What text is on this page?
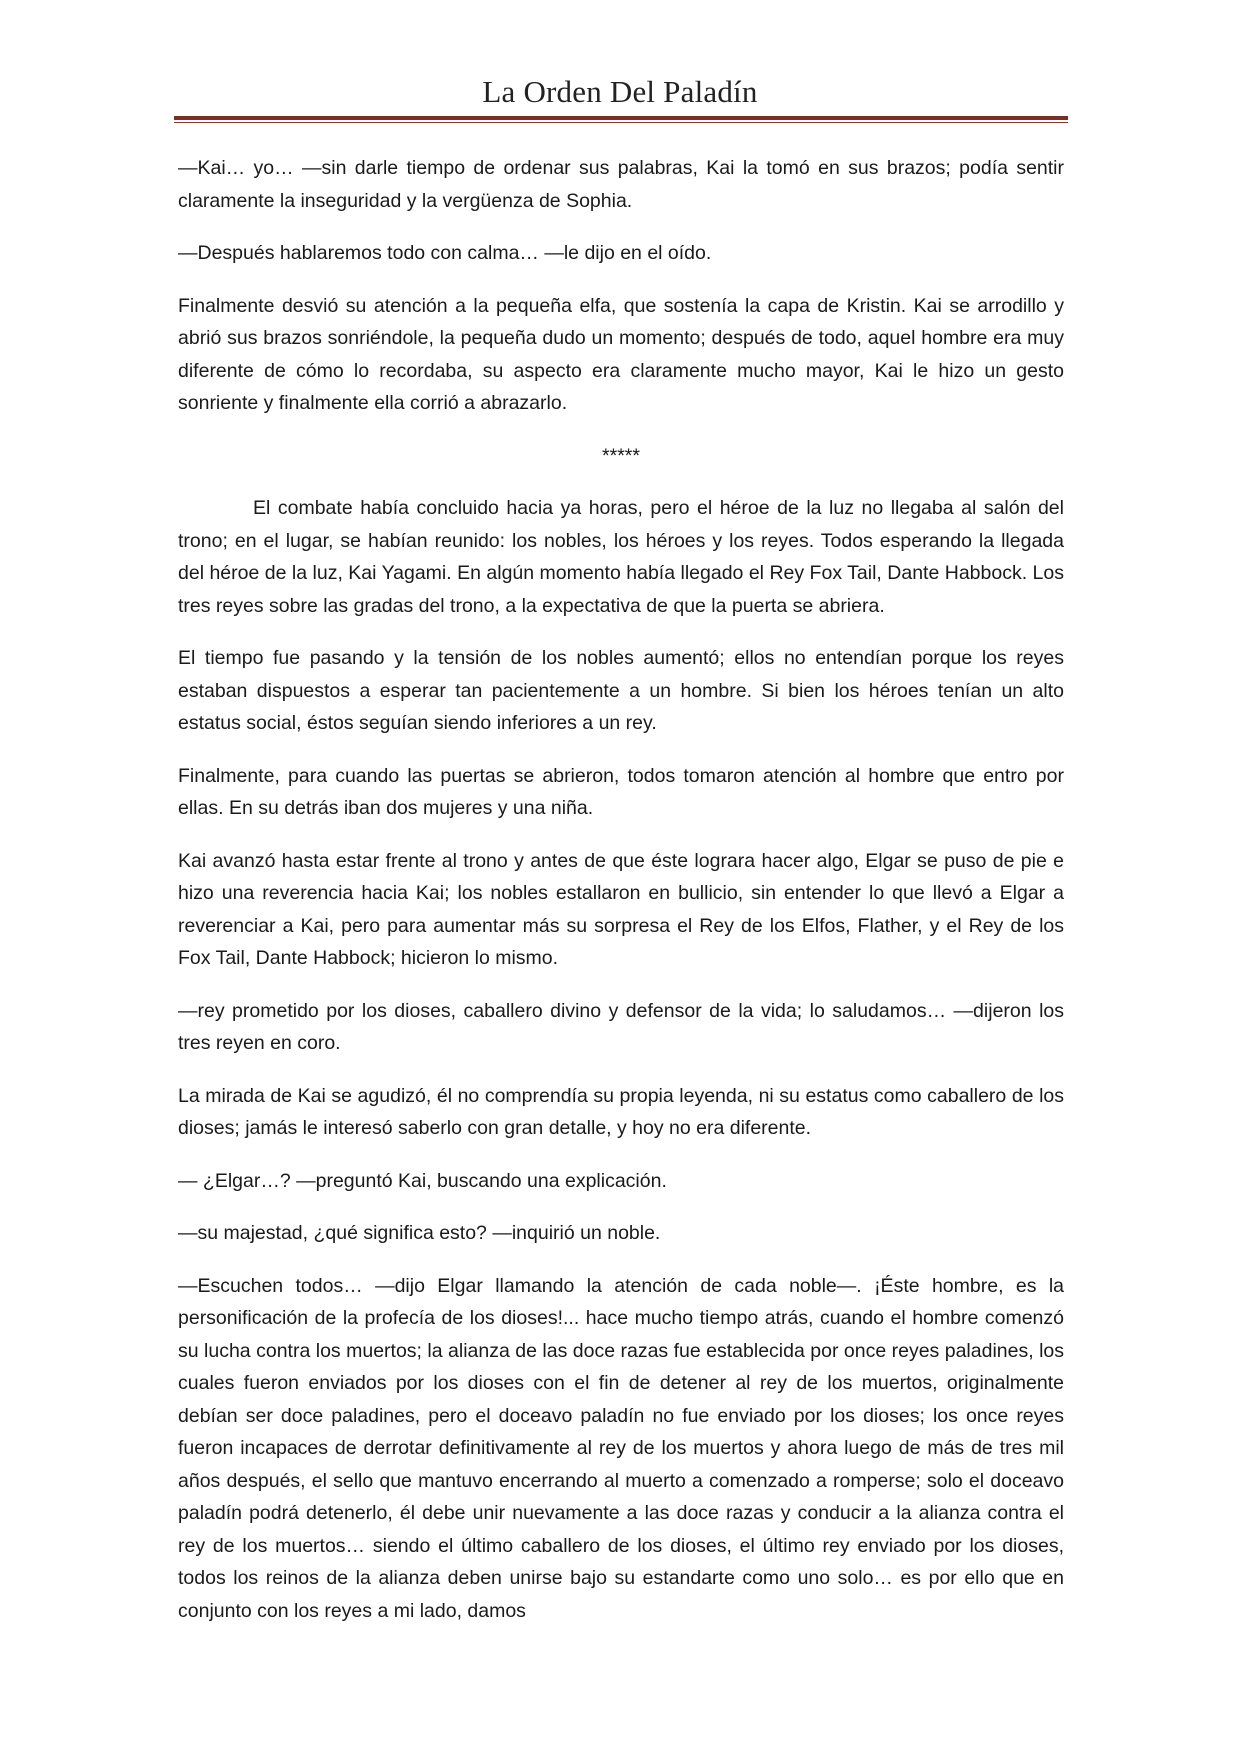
La Orden Del Paladín

—Kai… yo… —sin darle tiempo de ordenar sus palabras, Kai la tomó en sus brazos; podía sentir claramente la inseguridad y la vergüenza de Sophia.

—Después hablaremos todo con calma… —le dijo en el oído.

Finalmente desvió su atención a la pequeña elfa, que sostenía la capa de Kristin. Kai se arrodillo y abrió sus brazos sonriéndole, la pequeña dudo un momento; después de todo, aquel hombre era muy diferente de cómo lo recordaba, su aspecto era claramente mucho mayor, Kai le hizo un gesto sonriente y finalmente ella corrió a abrazarlo.

*****

El combate había concluido hacia ya horas, pero el héroe de la luz no llegaba al salón del trono; en el lugar, se habían reunido: los nobles, los héroes y los reyes. Todos esperando la llegada del héroe de la luz, Kai Yagami. En algún momento había llegado el Rey Fox Tail, Dante Habbock. Los tres reyes sobre las gradas del trono, a la expectativa de que la puerta se abriera.

El tiempo fue pasando y la tensión de los nobles aumentó; ellos no entendían porque los reyes estaban dispuestos a esperar tan pacientemente a un hombre. Si bien los héroes tenían un alto estatus social, éstos seguían siendo inferiores a un rey.

Finalmente, para cuando las puertas se abrieron, todos tomaron atención al hombre que entro por ellas. En su detrás iban dos mujeres y una niña.

Kai avanzó hasta estar frente al trono y antes de que éste lograra hacer algo, Elgar se puso de pie e hizo una reverencia hacia Kai; los nobles estallaron en bullicio, sin entender lo que llevó a Elgar a reverenciar a Kai, pero para aumentar más su sorpresa el Rey de los Elfos, Flather, y el Rey de los Fox Tail, Dante Habbock; hicieron lo mismo.

—rey prometido por los dioses, caballero divino y defensor de la vida; lo saludamos… —dijeron los tres reyen en coro.

La mirada de Kai se agudizó, él no comprendía su propia leyenda, ni su estatus como caballero de los dioses; jamás le interesó saberlo con gran detalle, y hoy no era diferente.

— ¿Elgar…? —preguntó Kai, buscando una explicación.

—su majestad, ¿qué significa esto? —inquirió un noble.

—Escuchen todos… —dijo Elgar llamando la atención de cada noble—. ¡Éste hombre, es la personificación de la profecía de los dioses!... hace mucho tiempo atrás, cuando el hombre comenzó su lucha contra los muertos; la alianza de las doce razas fue establecida por once reyes paladines, los cuales fueron enviados por los dioses con el fin de detener al rey de los muertos, originalmente debían ser doce paladines, pero el doceavo paladín no fue enviado por los dioses; los once reyes fueron incapaces de derrotar definitivamente al rey de los muertos y ahora luego de más de tres mil años después, el sello que mantuvo encerrando al muerto a comenzado a romperse; solo el doceavo paladín podrá detenerlo, él debe unir nuevamente a las doce razas y conducir a la alianza contra el rey de los muertos… siendo el último caballero de los dioses, el último rey enviado por los dioses, todos los reinos de la alianza deben unirse bajo su estandarte como uno solo… es por ello que en conjunto con los reyes a mi lado, damos
